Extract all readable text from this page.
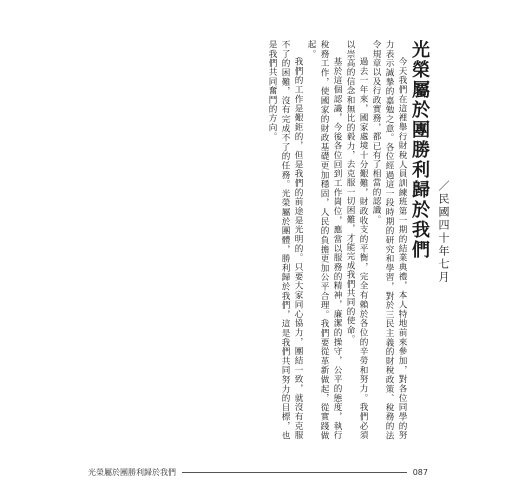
光榮屬於團勝利歸於我們 ／民國四十年七月

今天我們在這裡舉行財稅人員訓練班第一期的結業典禮，本人特地前來參加，對各位同學的努力表示誠摯的嘉勉之意。各位經過這一段時期的研究和學習，對於三民主義的財稅政策、稅務的法令規章以及行政實務，都已有了相當的認識。

過去一年來，國家處境十分艱難，財政收支的平衡，完全有賴於各位的辛勞和努力。我們必須以崇高的信念和無比的毅力，去克服一切困難，才能完成我們共同的使命。

基於這個認識，今後各位回到工作崗位，應當以服務的精神，廉潔的操守，公平的態度，執行稅務工作，使國家的財政基礎更加穩固，人民的負擔更加公平合理。我們要從革新做起，從實踐做起。

我們的工作是艱鉅的，但是我們的前途是光明的。只要大家同心協力，團結一致，就沒有克服不了的困難，沒有完成不了的任務。光榮屬於團體，勝利歸於我們，這是我們共同努力的目標，也是我們共同奮鬥的方向。

光榮屬於團勝利歸於我們	087
